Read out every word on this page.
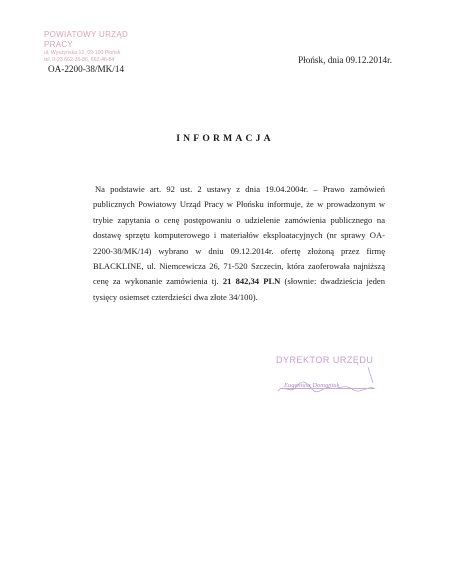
POWIATOWY URZĄD PRACY
ul. Wyszyńska 12, 09-100 Płońsk
tel. 0-23 662-35-86, 662-46-84
OA-2200-38/MK/14
Płońsk, dnia 09.12.2014r.
INFORMACJA
Na podstawie art. 92 ust. 2 ustawy z dnia 19.04.2004r. – Prawo zamówień publicznych Powiatowy Urząd Pracy w Płońsku informuje, że w prowadzonym w trybie zapytania o cenę postępowaniu o udzielenie zamówienia publicznego na dostawę sprzętu komputerowego i materiałów eksploatacyjnych (nr sprawy OA-2200-38/MK/14) wybrano w dniu 09.12.2014r. ofertę złożoną przez firmę BLACKLINE, ul. Niemcewicza 26, 71-520 Szczecin, która zaoferowała najniższą cenę za wykonanie zamówienia tj. 21 842,34 PLN (słownie: dwadzieścia jeden tysięcy osiemset czterdzieści dwa złote 34/100).
DYREKTOR URZĘDU
Eugeniusz Domaniuk
